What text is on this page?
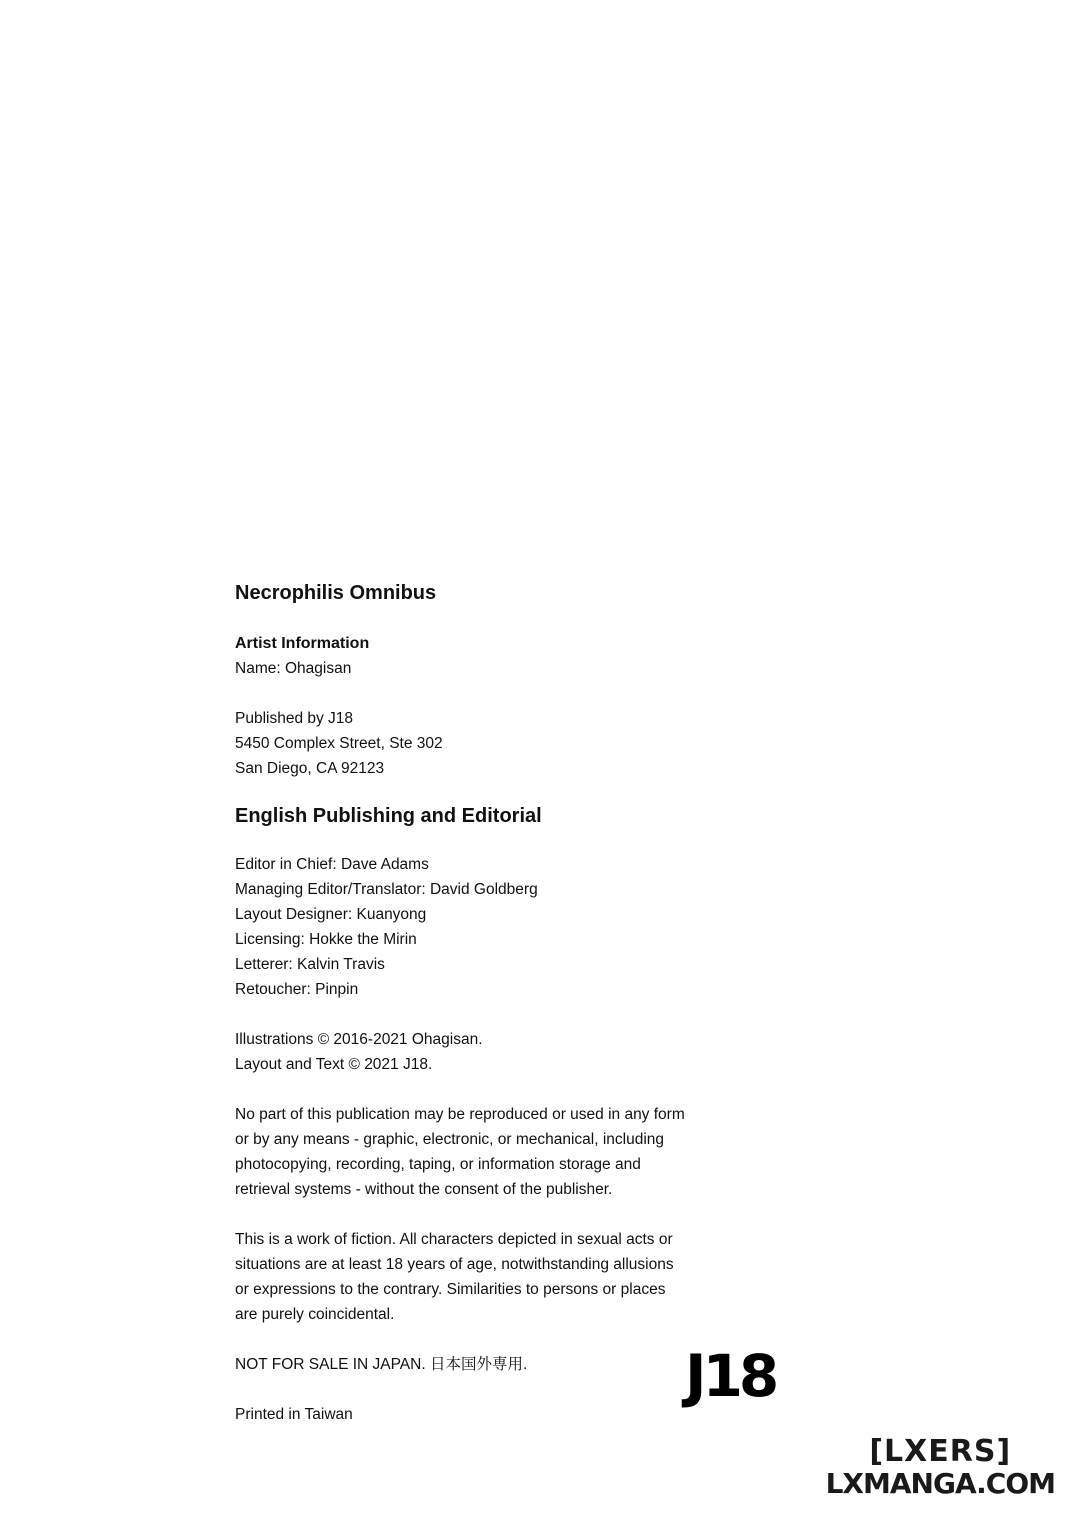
Necrophilis Omnibus
Artist Information
Name: Ohagisan
Published by J18
5450 Complex Street, Ste 302
San Diego, CA 92123
English Publishing and Editorial
Editor in Chief: Dave Adams
Managing Editor/Translator: David Goldberg
Layout Designer: Kuanyong
Licensing: Hokke the Mirin
Letterer: Kalvin Travis
Retoucher: Pinpin
Illustrations © 2016-2021 Ohagisan.
Layout and Text © 2021 J18.
No part of this publication may be reproduced or used in any form
or by any means - graphic, electronic, or mechanical, including
photocopying, recording, taping, or information storage and
retrieval systems - without the consent of the publisher.
This is a work of fiction. All characters depicted in sexual acts or
situations are at least 18 years of age, notwithstanding allusions
or expressions to the contrary. Similarities to persons or places
are purely coincidental.
NOT FOR SALE IN JAPAN. 日本国外専用.
Printed in Taiwan
J18
[LXERS]
LXMANGA.COM
